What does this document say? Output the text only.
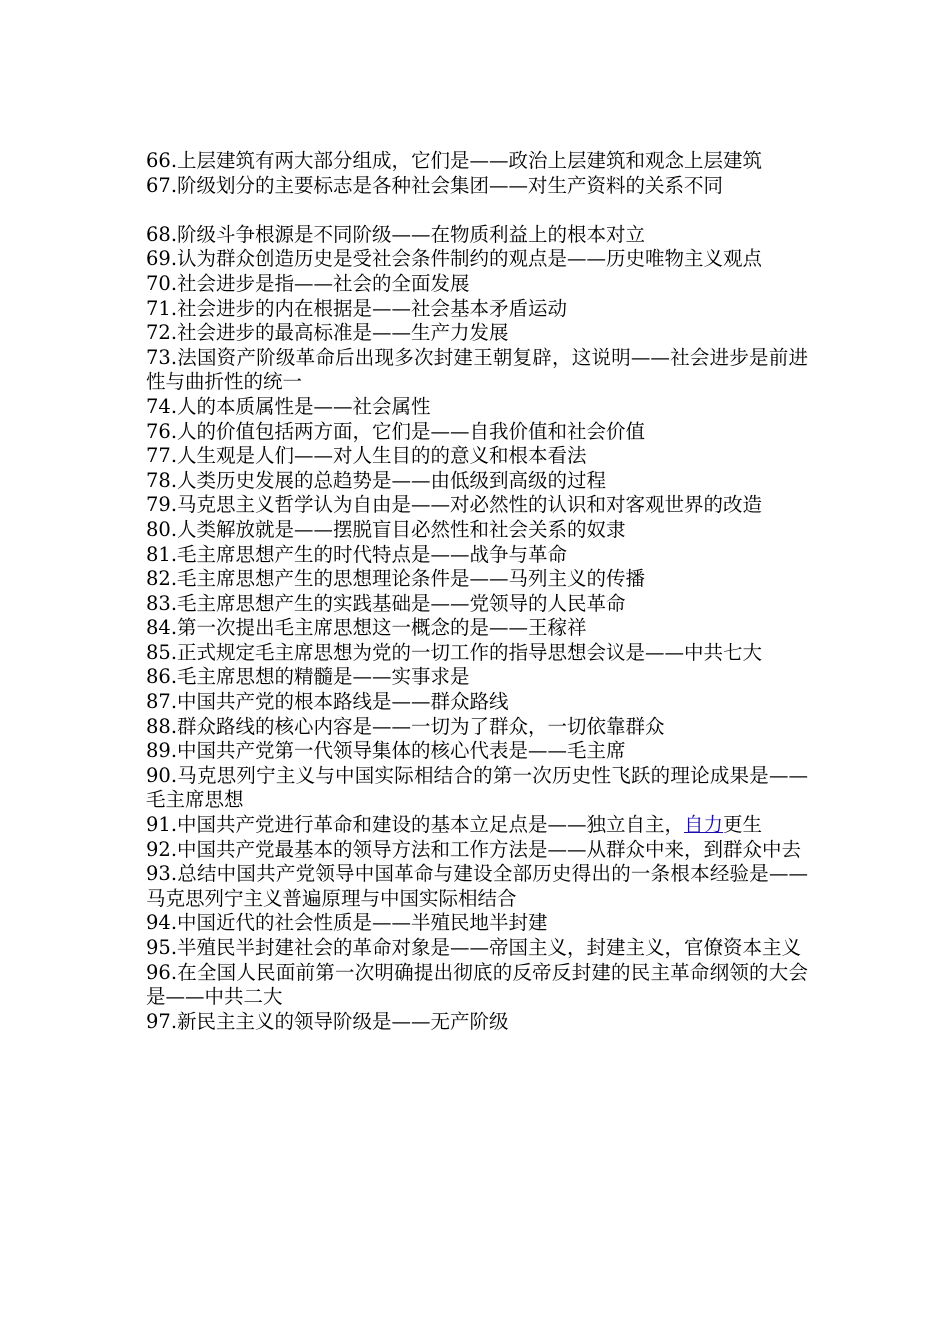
66.上层建筑有两大部分组成，它们是——政治上层建筑和观念上层建筑

67.阶级划分的主要标志是各种社会集团——对生产资料的关系不同

68.阶级斗争根源是不同阶级——在物质利益上的根本对立

69.认为群众创造历史是受社会条件制约的观点是——历史唯物主义观点

70.社会进步是指——社会的全面发展

71.社会进步的内在根据是——社会基本矛盾运动

72.社会进步的最高标准是——生产力发展

73.法国资产阶级革命后出现多次封建王朝复辟，这说明——社会进步是前进性与曲折性的统一

74.人的本质属性是——社会属性

76.人的价值包括两方面，它们是——自我价值和社会价值

77.人生观是人们——对人生目的的意义和根本看法

78.人类历史发展的总趋势是——由低级到高级的过程

79.马克思主义哲学认为自由是——对必然性的认识和对客观世界的改造

80.人类解放就是——摆脱盲目必然性和社会关系的奴隶

81.毛主席思想产生的时代特点是——战争与革命

82.毛主席思想产生的思想理论条件是——马列主义的传播

83.毛主席思想产生的实践基础是——党领导的人民革命

84.第一次提出毛主席思想这一概念的是——王稼祥

85.正式规定毛主席思想为党的一切工作的指导思想会议是——中共七大

86.毛主席思想的精髓是——实事求是

87.中国共产党的根本路线是——群众路线

88.群众路线的核心内容是——一切为了群众，一切依靠群众

89.中国共产党第一代领导集体的核心代表是——毛主席

90.马克思列宁主义与中国实际相结合的第一次历史性飞跃的理论成果是——毛主席思想

91.中国共产党进行革命和建设的基本立足点是——独立自主，自力更生

92.中国共产党最基本的领导方法和工作方法是——从群众中来，到群众中去

93.总结中国共产党领导中国革命与建设全部历史得出的一条根本经验是——马克思列宁主义普遍原理与中国实际相结合

94.中国近代的社会性质是——半殖民地半封建

95.半殖民半封建社会的革命对象是——帝国主义，封建主义，官僚资本主义

96.在全国人民面前第一次明确提出彻底的反帝反封建的民主革命纲领的大会是——中共二大

97.新民主主义的领导阶级是——无产阶级
